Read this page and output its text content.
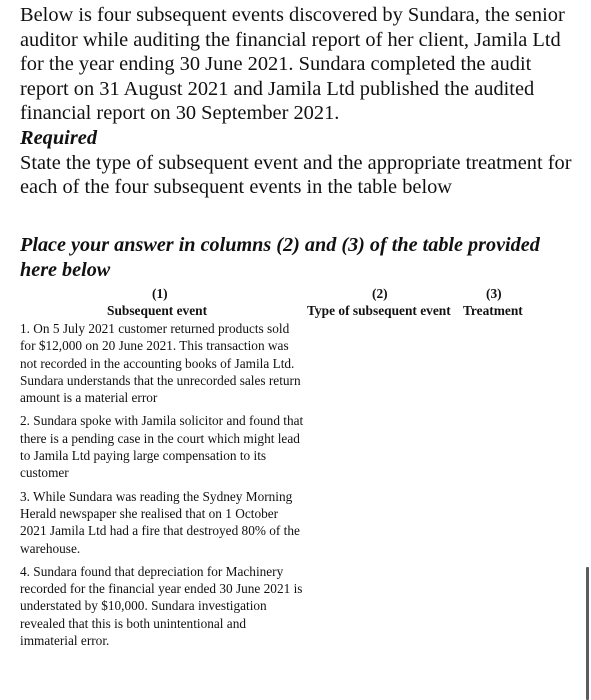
Below is four subsequent events discovered by Sundara, the senior auditor while auditing the financial report of her client, Jamila Ltd for the year ending 30 June 2021. Sundara completed the audit report on 31 August 2021 and Jamila Ltd published the audited financial report on 30 September 2021.

Required

State the type of subsequent event and the appropriate treatment for each of the four subsequent events in the table below

Place your answer in columns (2) and (3) of the table provided here below
(1)
Subsequent event
(2)
Type of subsequent event
(3)
Treatment

1. On 5 July 2021 customer returned products sold for $12,000 on 20 June 2021. This transaction was not recorded in the accounting books of Jamila Ltd. Sundara understands that the unrecorded sales return amount is a material error

2. Sundara spoke with Jamila solicitor and found that there is a pending case in the court which might lead to Jamila Ltd paying large compensation to its customer

3. While Sundara was reading the Sydney Morning Herald newspaper she realised that on 1 October 2021 Jamila Ltd had a fire that destroyed 80% of the warehouse.

4. Sundara found that depreciation for Machinery recorded for the financial year ended 30 June 2021 is understated by $10,000. Sundara investigation revealed that this is both unintentional and immaterial error.
